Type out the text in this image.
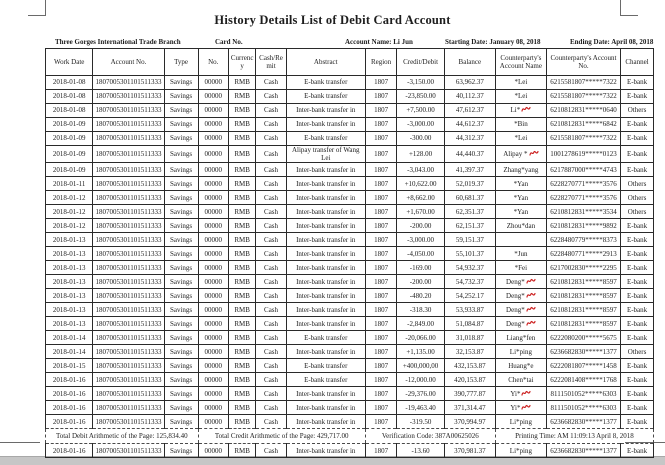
History Details List of Debit Card Account
Three Gorges International Trade Branch	Card No.	Account Name: Li Jun	Starting Date: January 08, 2018	Ending Date: April 08, 2018
Work Date	Account No.	Type	No.	Currency	Cash/Remit	Abstract	Region	Credit/Debit	Balance	Counterparty's Account Name	Counterparty's Account No.	Channel
2018-01-08	1807005301101511333	Savings	00000	RMB	Cash	E-bank transfer	1807	-3,150.00	63,962.37	*Lei	6215581807*****7322	E-bank
2018-01-08	1807005301101511333	Savings	00000	RMB	Cash	E-bank transfer	1807	-23,850.00	40,112.37	*Lei	6215581807*****7322	E-bank
2018-01-08	1807005301101511333	Savings	00000	RMB	Cash	Inter-bank transfer in	1807	+7,500.00	47,612.37	Li*	6210812831*****0640	Others
2018-01-09	1807005301101511333	Savings	00000	RMB	Cash	Inter-bank transfer in	1807	-3,000.00	44,612.37	*Bin	6210812831*****6842	E-bank
2018-01-09	1807005301101511333	Savings	00000	RMB	Cash	E-bank transfer	1807	-300.00	44,312.37	*Lei	6215581807*****7322	E-bank
2018-01-09	1807005301101511333	Savings	00000	RMB	Cash	Alipay transfer of Wang Lei	1807	+128.00	44,440.37	Alipay *	1001278619*****0123	E-bank
2018-01-09	1807005301101511333	Savings	00000	RMB	Cash	Inter-bank transfer in	1807	-3,043.00	41,397.37	Zhang*yang	6217887000*****4743	E-bank
2018-01-11	1807005301101511333	Savings	00000	RMB	Cash	Inter-bank transfer in	1807	+10,622.00	52,019.37	*Yan	6228270771*****3576	Others
2018-01-12	1807005301101511333	Savings	00000	RMB	Cash	Inter-bank transfer in	1807	+8,662.00	60,681.37	*Yan	6228270771*****3576	Others
2018-01-12	1807005301101511333	Savings	00000	RMB	Cash	Inter-bank transfer in	1807	+1,670.00	62,351.37	*Yan	6210812831*****3534	Others
2018-01-12	1807005301101511333	Savings	00000	RMB	Cash	Inter-bank transfer in	1807	-200.00	62,151.37	Zhou*dan	6210812831*****9892	E-bank
2018-01-13	1807005301101511333	Savings	00000	RMB	Cash	Inter-bank transfer in	1807	-3,000.00	59,151.37		6228480779*****8373	E-bank
2018-01-13	1807005301101511333	Savings	00000	RMB	Cash	Inter-bank transfer in	1807	-4,050.00	55,101.37	*Jun	6228480771*****2913	E-bank
2018-01-13	1807005301101511333	Savings	00000	RMB	Cash	Inter-bank transfer in	1807	-169.00	54,932.37	*Fei	6217002830*****2295	E-bank
2018-01-13	1807005301101511333	Savings	00000	RMB	Cash	Inter-bank transfer in	1807	-200.00	54,732.37	Deng*	6210812831*****8597	E-bank
2018-01-13	1807005301101511333	Savings	00000	RMB	Cash	Inter-bank transfer in	1807	-480.20	54,252.17	Deng*	6210812831*****8597	E-bank
2018-01-13	1807005301101511333	Savings	00000	RMB	Cash	Inter-bank transfer in	1807	-318.30	53,933.87	Deng*	6210812831*****8597	E-bank
2018-01-13	1807005301101511333	Savings	00000	RMB	Cash	Inter-bank transfer in	1807	-2,849.00	51,084.87	Deng*	6210812831*****8597	E-bank
2018-01-14	1807005301101511333	Savings	00000	RMB	Cash	E-bank transfer	1807	-20,066.00	31,018.87	Liang*fen	6222080200*****5675	E-bank
2018-01-14	1807005301101511333	Savings	00000	RMB	Cash	Inter-bank transfer in	1807	+1,135.00	32,153.87	Li*ping	6236682830*****1377	Others
2018-01-15	1807005301101511333	Savings	00000	RMB	Cash	E-bank transfer	1807	+400,000,00	432,153.87	Huang*e	6222081807*****1458	E-bank
2018-01-16	1807005301101511333	Savings	00000	RMB	Cash	E-bank transfer	1807	-12,000.00	420,153.87	Chen*tai	6222081408*****1768	E-bank
2018-01-16	1807005301101511333	Savings	00000	RMB	Cash	Inter-bank transfer in	1807	-29,376.00	390,777.87	Yi*	8111501052*****6303	E-bank
2018-01-16	1807005301101511333	Savings	00000	RMB	Cash	Inter-bank transfer in	1807	-19,463.40	371,314.47	Yi*	8111501052*****6303	E-bank
2018-01-16	1807005301101511333	Savings	00000	RMB	Cash	Inter-bank transfer in	1807	-319.50	370,994.97	Li*ping	6236682830*****1377	E-bank
Total Debit Arithmetic of the Page: 125,834.40			Total Credit Arithmetic of the Page: 429,717.00				Verification Code: 387A00625026			Printing Time: AM 11:09:13 April 8, 2018		
2018-01-16	1807005301101511333	Savings	00000	RMB	Cash	Inter-bank transfer in	1807	-13.60	370,981.37	Li*ping	6236682830*****1377	E-bank
